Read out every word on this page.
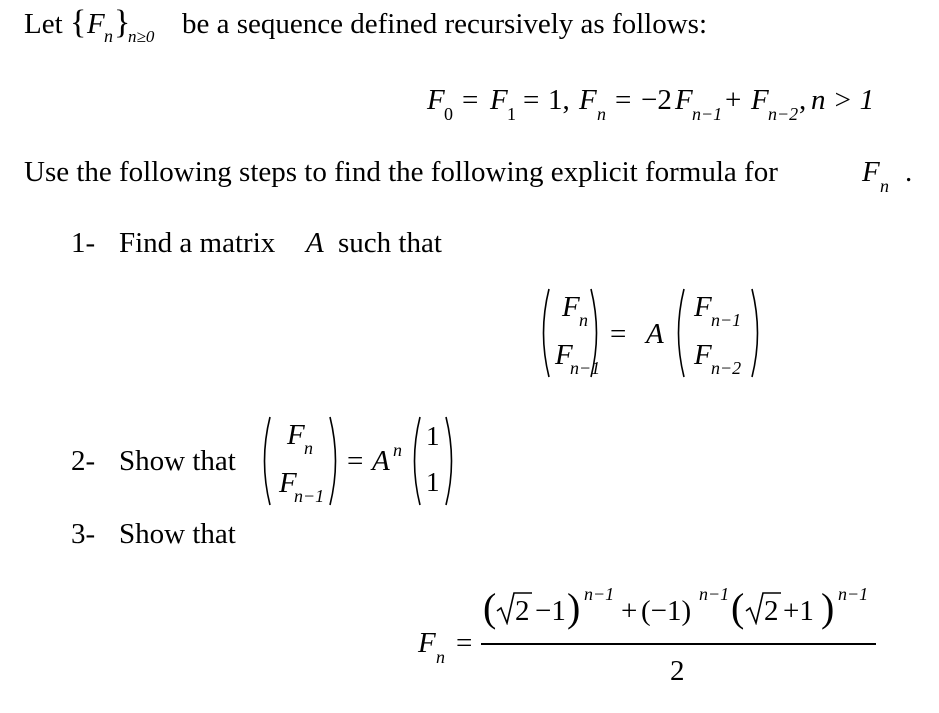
Let { F n }
n≥0 be a sequence defined recursively as follows:
F 0 = F 1 = 1, F n = −2 F n−1 + F n−2 , n > 1
Use the following steps to find the following explicit formula for	F n .
1- Find a matrix A such that
F n
F
n−1
= A
F n−1
F n−2
2- Show that
F n
F
n−1
= A n 1
1
3- Show that
F n =
( 2 −1 ) n−1
+ (−1)
n−1 ( 2 +1 ) n−1
2
